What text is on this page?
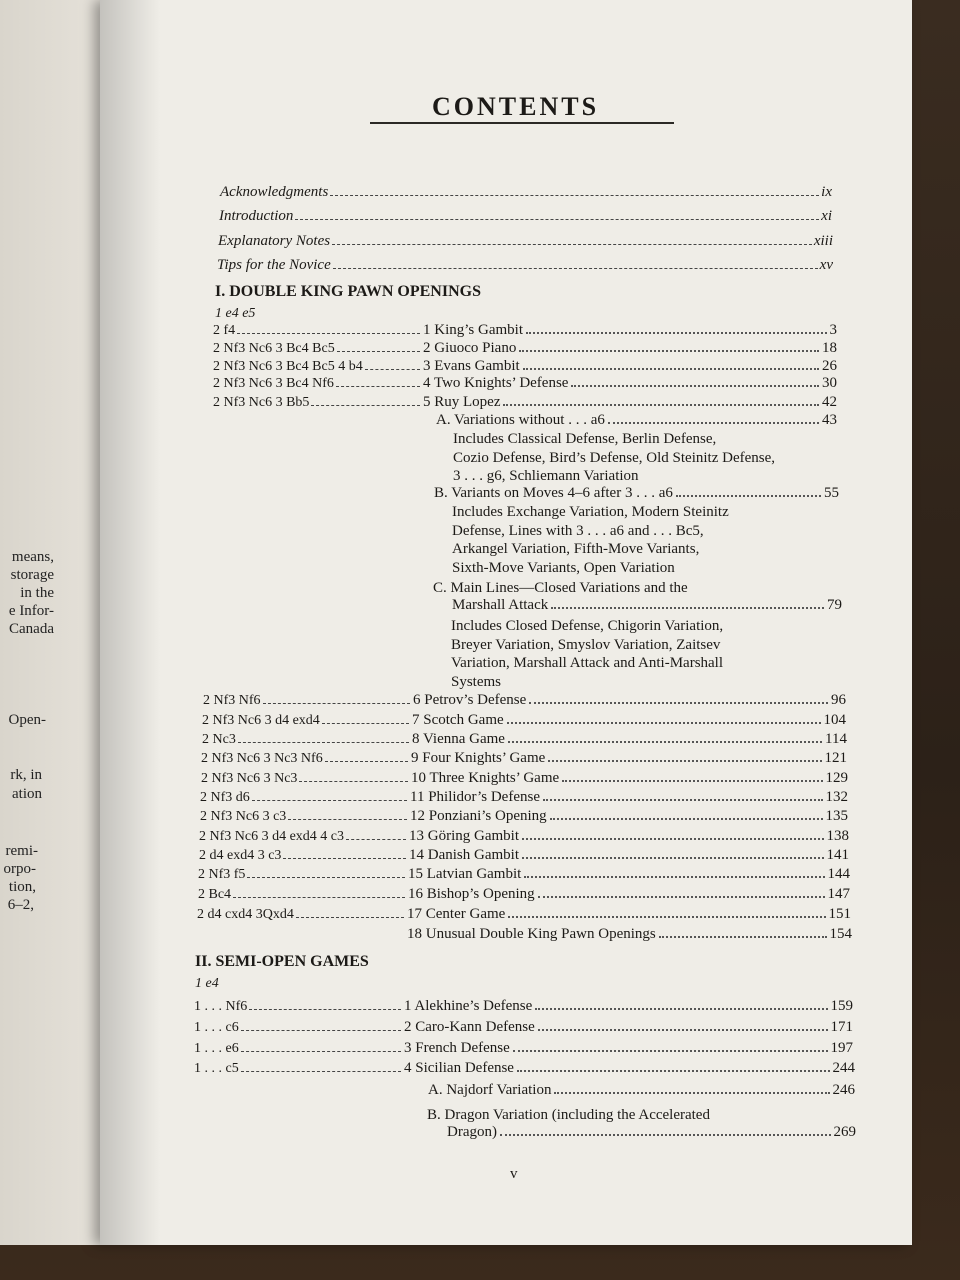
means,
storage
in the
e Infor-
Canada
Open-
rk, in
ation
remi-
orpo-
tion,
6–2,
CONTENTS
Acknowledgments	ix
Introduction	xi
Explanatory Notes	xiii
Tips for the Novice	xv
I. DOUBLE KING PAWN OPENINGS
1 e4 e5
2 f4	1 King’s Gambit	3
2 Nf3 Nc6 3 Bc4 Bc5	2 Giuoco Piano	18
2 Nf3 Nc6 3 Bc4 Bc5 4 b4	3 Evans Gambit	26
2 Nf3 Nc6 3 Bc4 Nf6	4 Two Knights’ Defense	30
2 Nf3 Nc6 3 Bb5	5 Ruy Lopez	42
A. Variations without . . . a6	43
Includes Classical Defense, Berlin Defense,
Cozio Defense, Bird’s Defense, Old Steinitz Defense,
3 . . . g6, Schliemann Variation
B. Variants on Moves 4–6 after 3 . . . a6	55
Includes Exchange Variation, Modern Steinitz
Defense, Lines with 3 . . . a6 and . . . Bc5,
Arkangel Variation, Fifth-Move Variants,
Sixth-Move Variants, Open Variation
C. Main Lines—Closed Variations and the
Marshall Attack	79
Includes Closed Defense, Chigorin Variation,
Breyer Variation, Smyslov Variation, Zaitsev
Variation, Marshall Attack and Anti-Marshall
Systems
2 Nf3 Nf6	6 Petrov’s Defense	96
2 Nf3 Nc6 3 d4 exd4	7 Scotch Game	104
2 Nc3	8 Vienna Game	114
2 Nf3 Nc6 3 Nc3 Nf6	9 Four Knights’ Game	121
2 Nf3 Nc6 3 Nc3	10 Three Knights’ Game	129
2 Nf3 d6	11 Philidor’s Defense	132
2 Nf3 Nc6 3 c3	12 Ponziani’s Opening	135
2 Nf3 Nc6 3 d4 exd4 4 c3	13 Göring Gambit	138
2 d4 exd4 3 c3	14 Danish Gambit	141
2 Nf3 f5	15 Latvian Gambit	144
2 Bc4	16 Bishop’s Opening	147
2 d4 cxd4 3Qxd4	17 Center Game	151
18 Unusual Double King Pawn Openings	154
II. SEMI-OPEN GAMES
1 e4
1 . . . Nf6	1 Alekhine’s Defense	159
1 . . . c6	2 Caro-Kann Defense	171
1 . . . e6	3 French Defense	197
1 . . . c5	4 Sicilian Defense	244
A. Najdorf Variation	246
B. Dragon Variation (including the Accelerated
Dragon)	269
v
